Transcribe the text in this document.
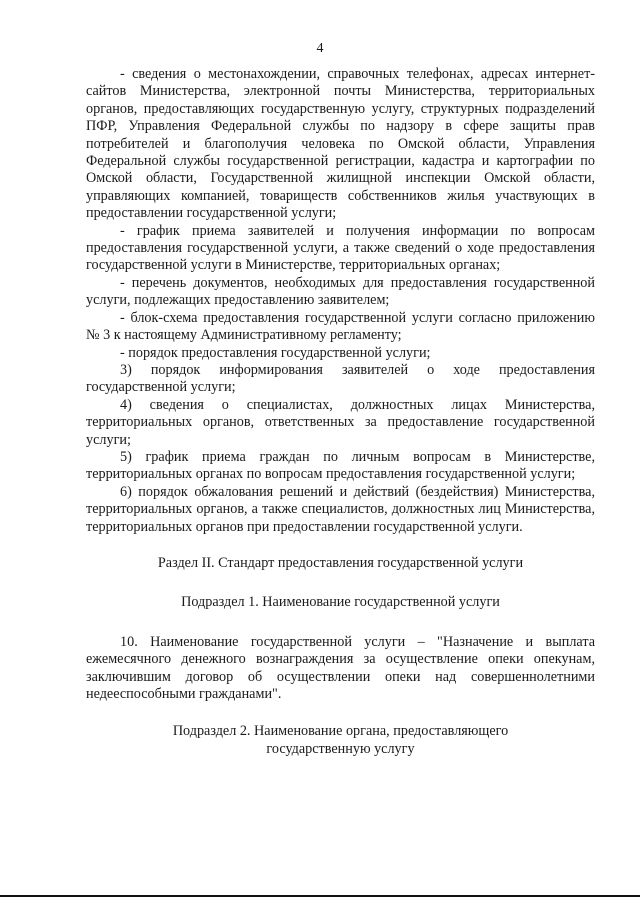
4

- сведения о местонахождении, справочных телефонах, адресах интернет-сайтов Министерства, электронной почты Министерства, территориальных органов, предоставляющих государственную услугу, структурных подразделений ПФР, Управления Федеральной службы по надзору в сфере защиты прав потребителей и благополучия человека по Омской области, Управления Федеральной службы государственной регистрации, кадастра и картографии по Омской области, Государственной жилищной инспекции Омской области, управляющих компанией, товариществ собственников жилья участвующих в предоставлении государственной услуги;

- график приема заявителей и получения информации по вопросам предоставления государственной услуги, а также сведений о ходе предоставления государственной услуги в Министерстве, территориальных органах;

- перечень документов, необходимых для предоставления государственной услуги, подлежащих предоставлению заявителем;

- блок-схема предоставления государственной услуги согласно приложению № 3 к настоящему Административному регламенту;

- порядок предоставления государственной услуги;

3) порядок информирования заявителей о ходе предоставления государственной услуги;

4) сведения о специалистах, должностных лицах Министерства, территориальных органов, ответственных за предоставление государственной услуги;

5) график приема граждан по личным вопросам в Министерстве, территориальных органах по вопросам предоставления государственной услуги;

6) порядок обжалования решений и действий (бездействия) Министерства, территориальных органов, а также специалистов, должностных лиц Министерства, территориальных органов при предоставлении государственной услуги.

Раздел II. Стандарт предоставления государственной услуги

Подраздел 1. Наименование государственной услуги

10. Наименование государственной услуги – "Назначение и выплата ежемесячного денежного вознаграждения за осуществление опеки опекунам, заключившим договор об осуществлении опеки над совершеннолетними недееспособными гражданами".

Подраздел 2. Наименование органа, предоставляющего

государственную услугу
